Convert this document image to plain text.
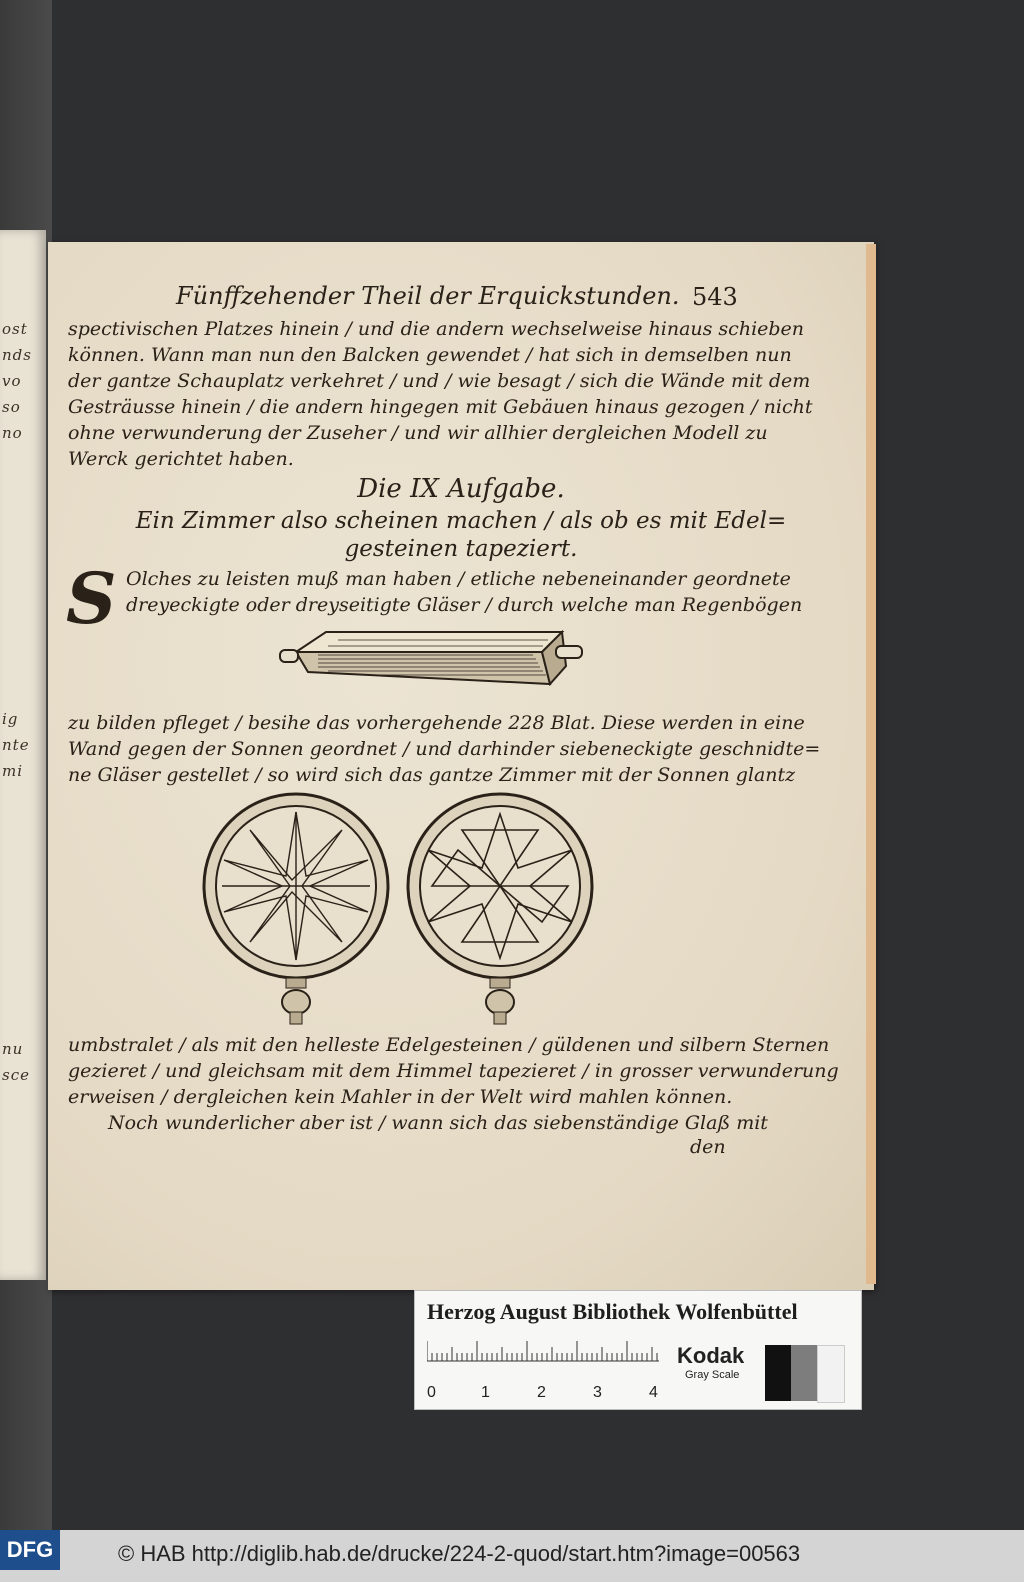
ost
nds
vo
so
no
ig
nte
mi
nu
sce
Fünffzehender Theil der Erquickstunden. 543
spectivischen Platzes hinein / und die andern wechselweise hinaus schieben
können. Wann man nun den Balcken gewendet / hat sich in demselben nun
der gantze Schauplatz verkehret / und / wie besagt / sich die Wände mit dem
Gesträusse hinein / die andern hingegen mit Gebäuen hinaus gezogen / nicht
ohne verwunderung der Zuseher / und wir allhier dergleichen Modell zu
Werck gerichtet haben.
Die IX Aufgabe.
Ein Zimmer also scheinen machen / als ob es mit Edel=
gesteinen tapeziert.
S Olches zu leisten muß man haben / etliche nebeneinander geordnete
dreyeckigte oder dreyseitigte Gläser / durch welche man Regenbögen
zu bilden pfleget / besihe das vorhergehende 228 Blat. Diese werden in eine
Wand gegen der Sonnen geordnet / und darhinder siebeneckigte geschnidte=
ne Gläser gestellet / so wird sich das gantze Zimmer mit der Sonnen glantz
umbstralet / als mit den helleste Edelgesteinen / güldenen und silbern Sternen
gezieret / und gleichsam mit dem Himmel tapezieret / in grosser verwunderung
erweisen / dergleichen kein Mahler in der Welt wird mahlen können.
Noch wunderlicher aber ist / wann sich das siebenständige Glaß mit
den
Herzog August Bibliothek Wolfenbüttel
0	1	2	3	4
Kodak
Gray Scale
DFG	© HAB http://diglib.hab.de/drucke/224-2-quod/start.htm?image=00563
